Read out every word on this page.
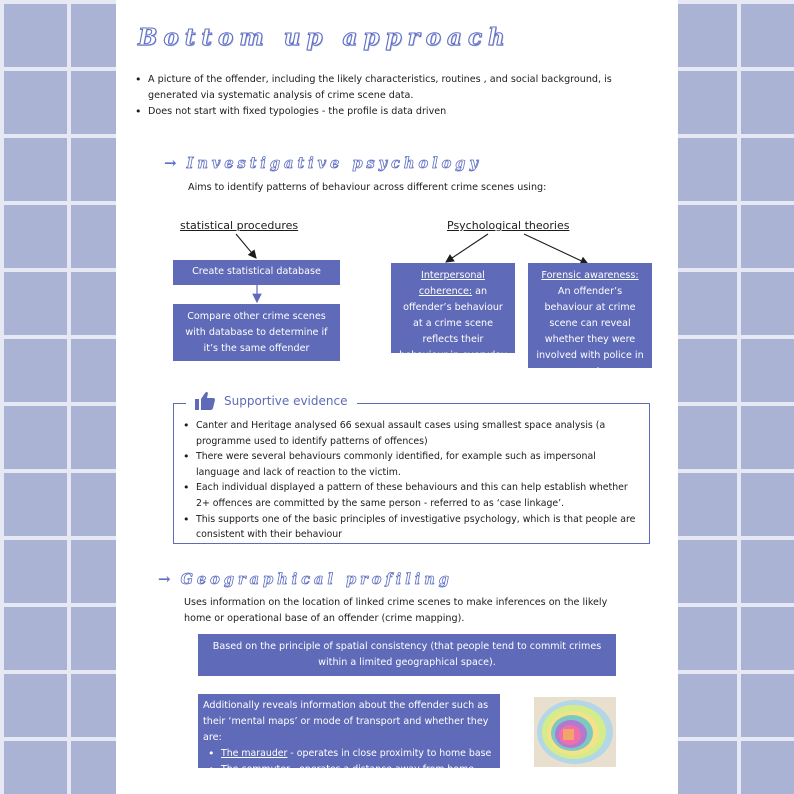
Bottom up approach
• A picture of the offender, including the likely characteristics, routines , and social background, is generated via systematic analysis of crime scene data.
• Does not start with fixed typologies - the profile is data driven
→ Investigative psychology
Aims to identify patterns of behaviour across different crime scenes using:
statistical procedures	Psychological theories
Create statistical database
Compare other crime scenes with database to determine if it’s the same offender
Interpersonal coherence: an offender’s behaviour at a crime scene reflects their behaviour in everyday life
Forensic awareness: An offender’s behaviour at crime scene can reveal whether they were involved with police in past
• Canter and Heritage analysed 66 sexual assault cases using smallest space analysis (a programme used to identify patterns of offences)
• There were several behaviours commonly identified, for example such as impersonal language and lack of reaction to the victim.
• Each individual displayed a pattern of these behaviours and this can help establish whether 2+ offences are committed by the same person - referred to as ‘case linkage’.
• This supports one of the basic principles of investigative psychology, which is that people are consistent with their behaviour
Supportive evidence
→ Geographical profiling
Uses information on the location of linked crime scenes to make inferences on the likely home or operational base of an offender (crime mapping).
Based on the principle of spatial consistency (that people tend to commit crimes within a limited geographical space).
Additionally reveals information about the offender such as their ‘mental maps’ or mode of transport and whether they are:
• The marauder - operates in close proximity to home base
• The commuter - operates a distance away from home base.
